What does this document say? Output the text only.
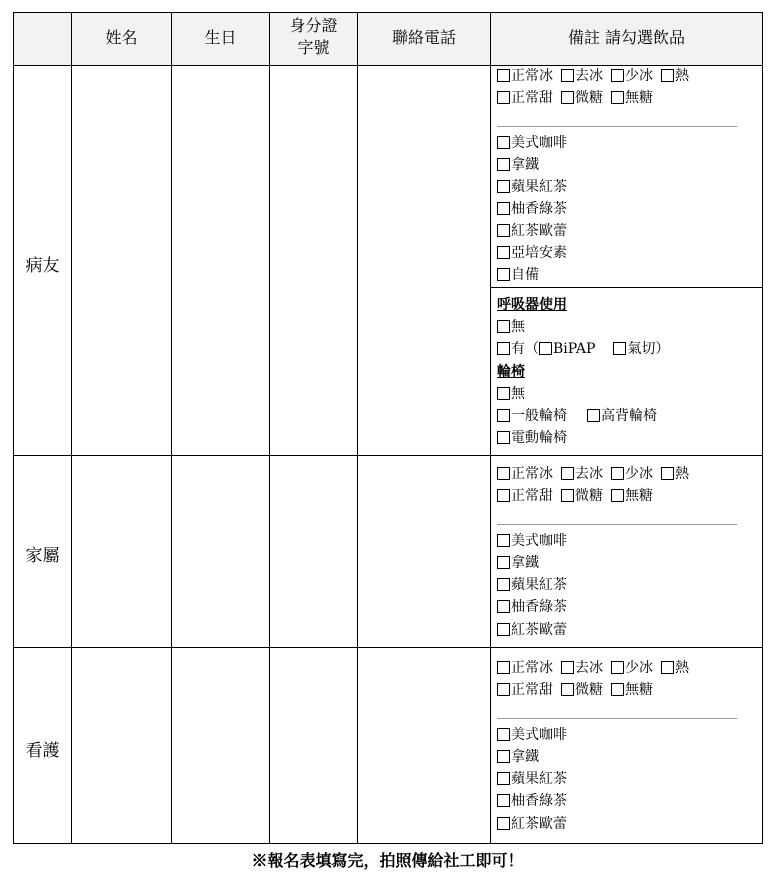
姓名	生日
身分證
字號
聯絡電話	備註 請勾選飲品
病友
家屬
看護
正常冰 去冰 少冰 熱
正常甜 微糖 無糖
美式咖啡
拿鐵
蘋果紅茶
柚香綠茶
紅茶歐蕾
亞培安素
自備
呼吸器使用
無
有（ BiPAP 氣切）
輪椅
無
一般輪椅 高背輪椅
電動輪椅
正常冰 去冰 少冰 熱
正常甜 微糖 無糖
美式咖啡
拿鐵
蘋果紅茶
柚香綠茶
紅茶歐蕾
正常冰 去冰 少冰 熱
正常甜 微糖 無糖
美式咖啡
拿鐵
蘋果紅茶
柚香綠茶
紅茶歐蕾
※報名表填寫完，拍照傳給社工即可！
